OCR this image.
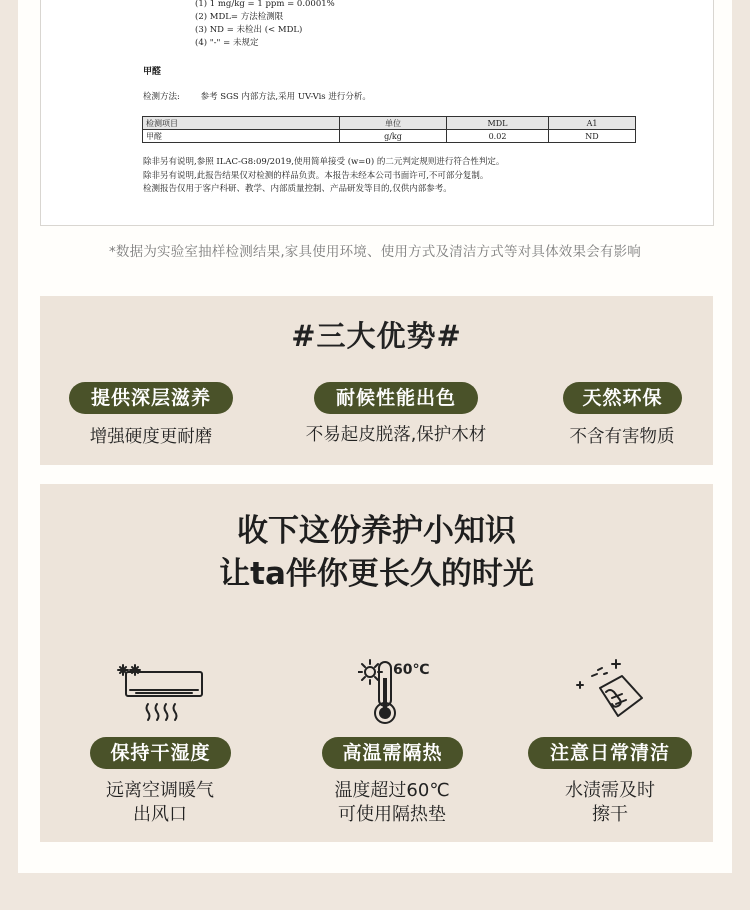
(1) 1 mg/kg = 1 ppm = 0.0001%
(2) MDL= 方法检测限
(3) ND = 未检出 (< MDL)
(4) "-" = 未规定
甲醛
检测方法: 参考 SGS 内部方法,采用 UV-Vis 进行分析。
检测项目	单位	MDL	A1
甲醛	g/kg	0.02	ND
除非另有说明,参照 ILAC-G8:09/2019,使用简单接受 (w=0) 的二元判定规则进行符合性判定。
除非另有说明,此报告结果仅对检测的样品负责。本报告未经本公司书面许可,不可部分复制。
检测报告仅用于客户科研、教学、内部质量控制、产品研发等目的,仅供内部参考。
*数据为实验室抽样检测结果,家具使用环境、使用方式及清洁方式等对具体效果会有影响
#三大优势#
提供深层滋养
增强硬度更耐磨
耐候性能出色
不易起皮脱落,保护木材
天然环保
不含有害物质
收下这份养护小知识
让ta伴你更长久的时光
60℃
保持干湿度
远离空调暖气
出风口
高温需隔热
温度超过60℃
可使用隔热垫
注意日常清洁
水渍需及时
擦干
